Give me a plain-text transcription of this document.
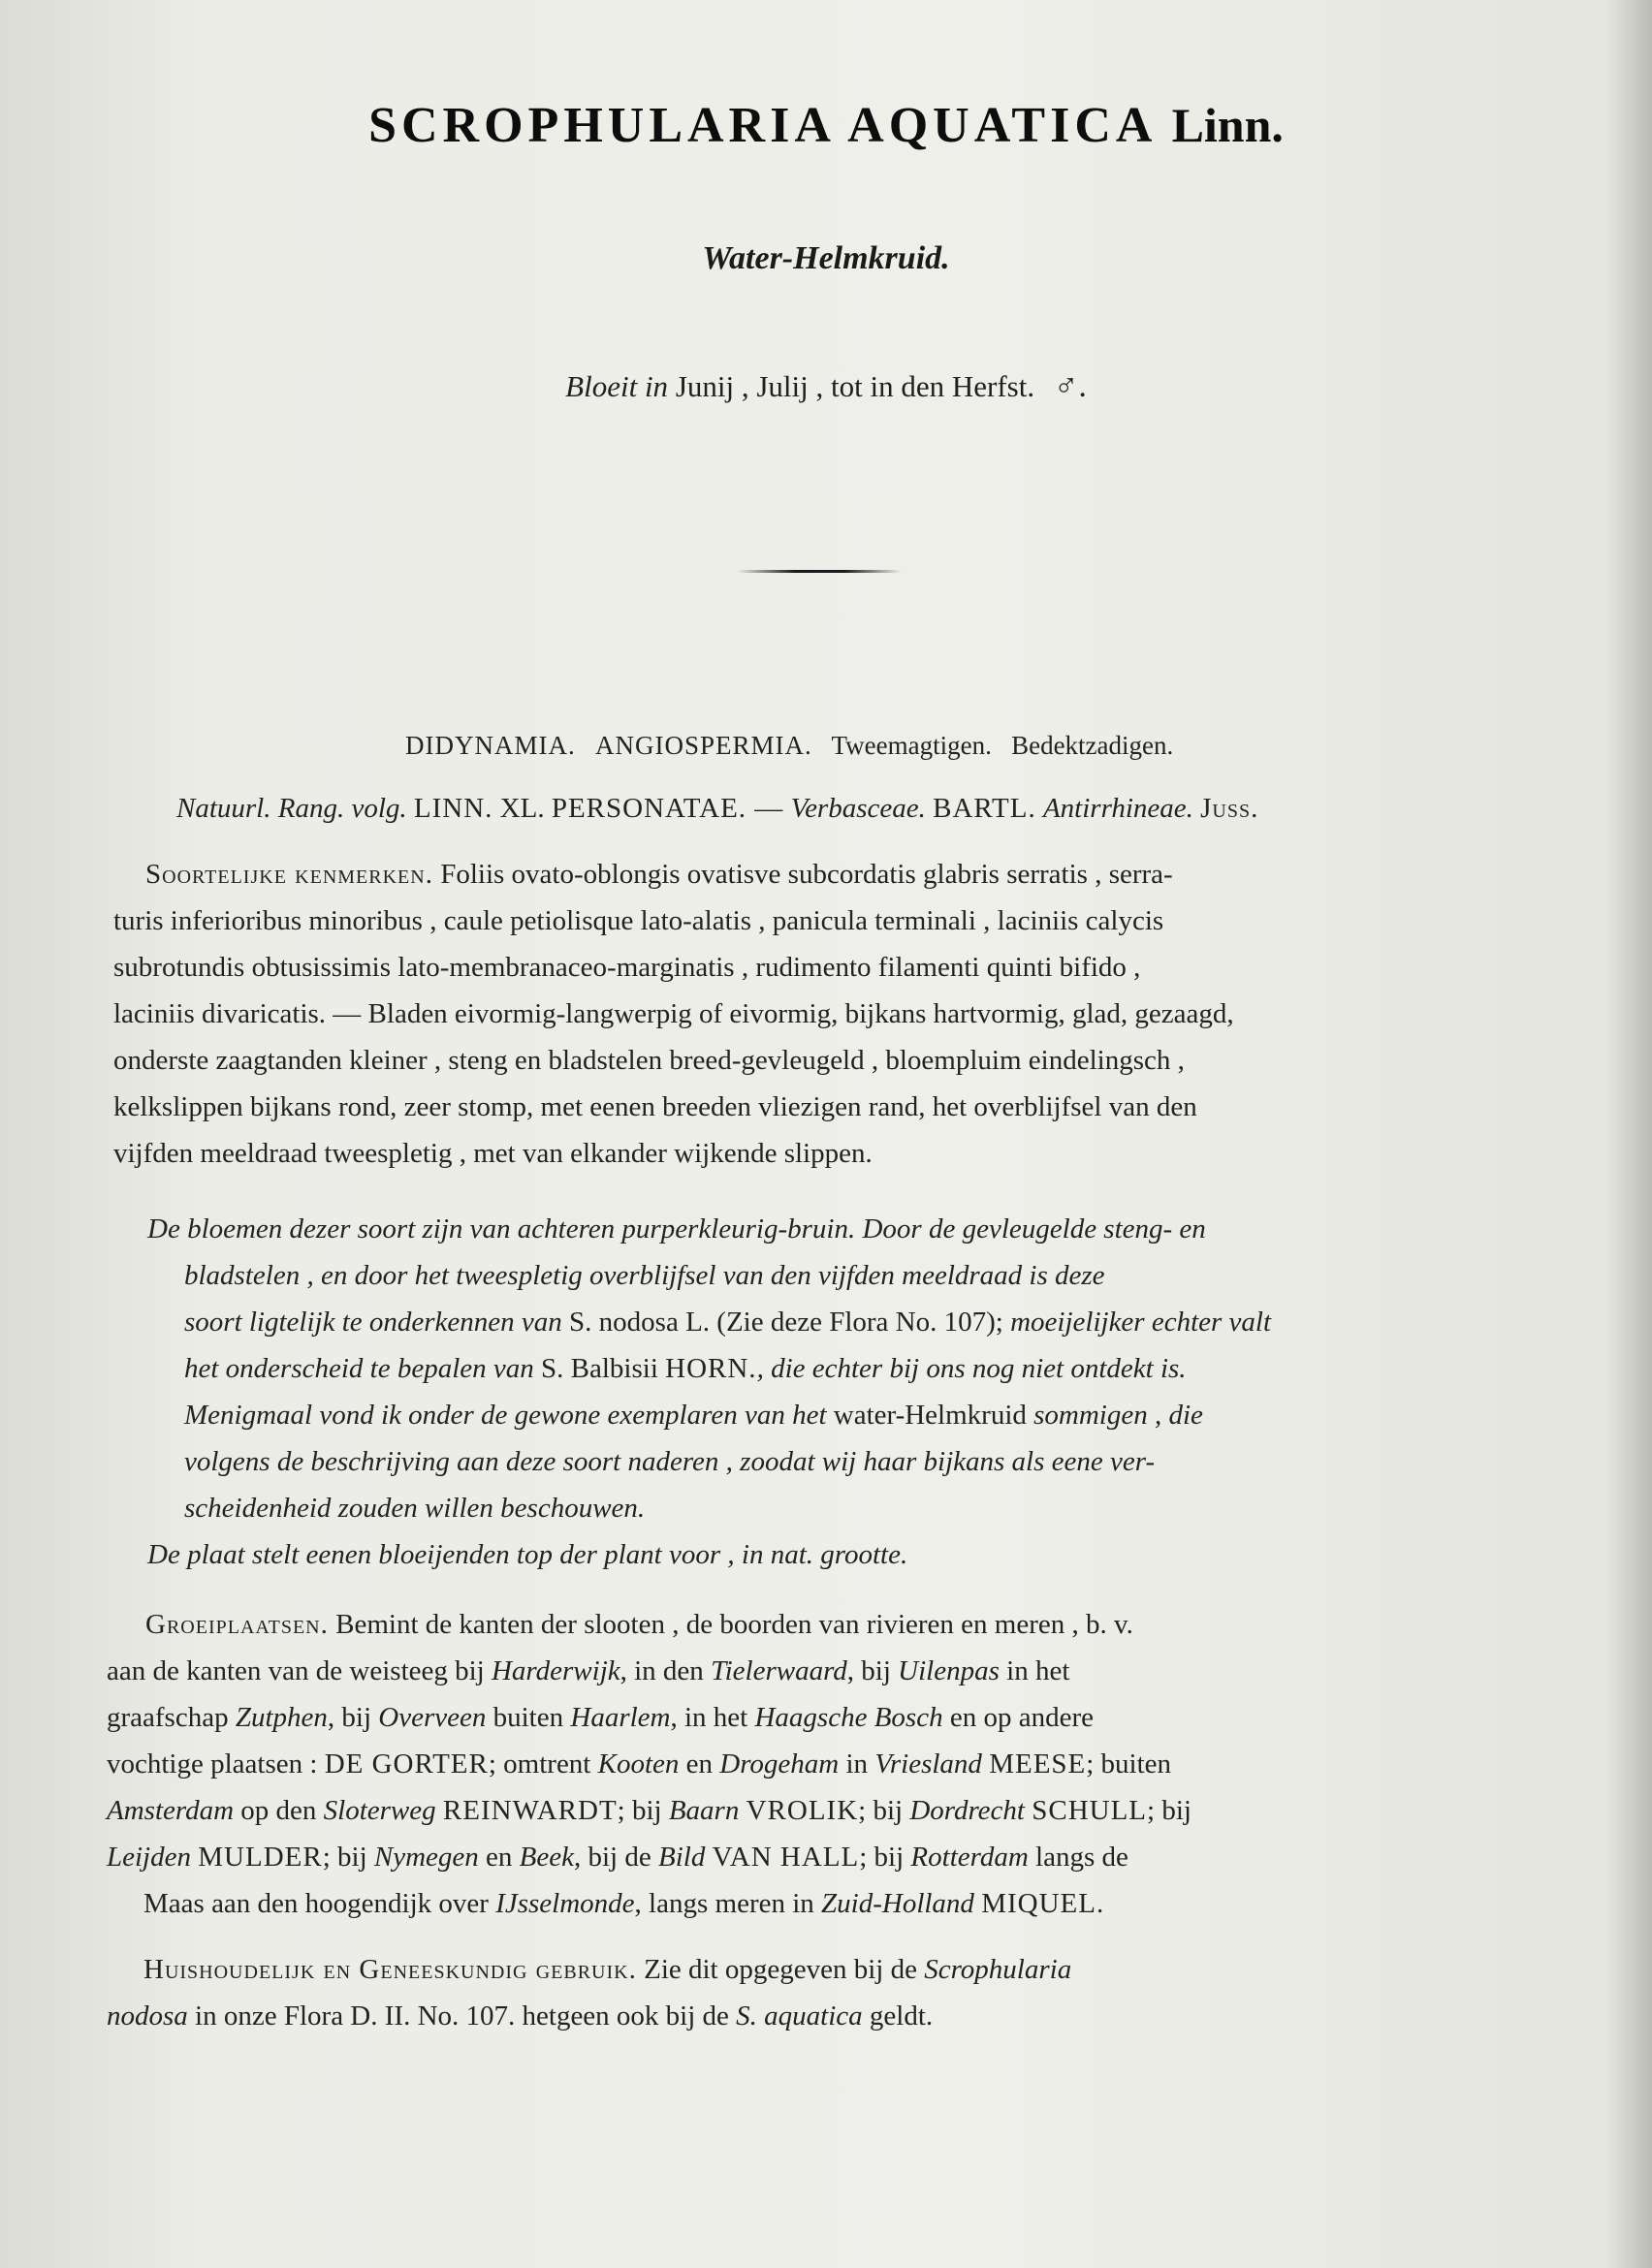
SCROPHULARIA AQUATICA Linn.
Water-Helmkruid.
Bloeit in Junij , Julij , tot in den Herfst. ♂.
DIDYNAMIA. ANGIOSPERMIA. Tweemagtigen. Bedektzadigen.
Natuurl. Rang. volg. LINN. XL. PERSONATAE. — Verbasceae. BARTL. Antirrhineae. Juss.
Soortelijke kenmerken. Foliis ovato-oblongis ovatisve subcordatis glabris serratis , serra-
turis inferioribus minoribus , caule petiolisque lato-alatis , panicula terminali , laciniis calycis
subrotundis obtusissimis lato-membranaceo-marginatis , rudimento filamenti quinti bifido ,
laciniis divaricatis. — Bladen eivormig-langwerpig of eivormig, bijkans hartvormig, glad, gezaagd,
onderste zaagtanden kleiner , steng en bladstelen breed-gevleugeld , bloempluim eindelingsch ,
kelkslippen bijkans rond, zeer stomp, met eenen breeden vliezigen rand, het overblijfsel van den
vijfden meeldraad tweespletig , met van elkander wijkende slippen.
De bloemen dezer soort zijn van achteren purperkleurig-bruin. Door de gevleugelde steng- en
bladstelen , en door het tweespletig overblijfsel van den vijfden meeldraad is deze
soort ligtelijk te onderkennen van S. nodosa L. (Zie deze Flora No. 107); moeijelijker echter valt
het onderscheid te bepalen van S. Balbisii HORN., die echter bij ons nog niet ontdekt is.
Menigmaal vond ik onder de gewone exemplaren van het water-Helmkruid sommigen , die
volgens de beschrijving aan deze soort naderen , zoodat wij haar bijkans als eene ver-
scheidenheid zouden willen beschouwen.
De plaat stelt eenen bloeijenden top der plant voor , in nat. grootte.
Groeiplaatsen. Bemint de kanten der slooten , de boorden van rivieren en meren , b. v.
aan de kanten van de weisteeg bij Harderwijk, in den Tielerwaard, bij Uilenpas in het
graafschap Zutphen, bij Overveen buiten Haarlem, in het Haagsche Bosch en op andere
vochtige plaatsen : DE GORTER; omtrent Kooten en Drogeham in Vriesland MEESE; buiten
Amsterdam op den Sloterweg REINWARDT; bij Baarn VROLIK; bij Dordrecht SCHULL; bij
Leijden MULDER; bij Nymegen en Beek, bij de Bild VAN HALL; bij Rotterdam langs de
Maas aan den hoogendijk over IJsselmonde, langs meren in Zuid-Holland MIQUEL.
Huishoudelijk en Geneeskundig gebruik. Zie dit opgegeven bij de Scrophularia
nodosa in onze Flora D. II. No. 107. hetgeen ook bij de S. aquatica geldt.
